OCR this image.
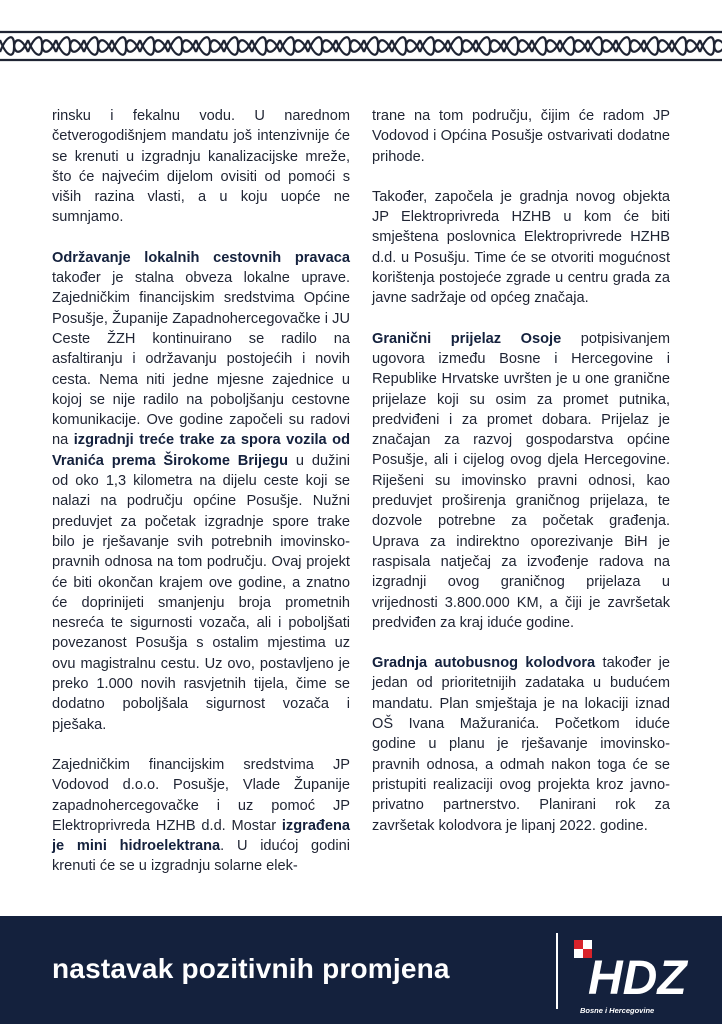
rinsku i fekalnu vodu. U narednom četverogodišnjem mandatu još intenzivnije će se krenuti u izgradnju kanalizacijske mreže, što će najvećim dijelom ovisiti od pomoći s viših razina vlasti, a u koju uopće ne sumnjamo.

Održavanje lokalnih cestovnih pravaca također je stalna obveza lokalne uprave. Zajedničkim financijskim sredstvima Općine Posušje, Županije Zapadnohercegovačke i JU Ceste ŽZH kontinuirano se radilo na asfaltiranju i održavanju postojećih i novih cesta. Nema niti jedne mjesne zajednice u kojoj se nije radilo na poboljšanju cestovne komunikacije. Ove godine započeli su radovi na izgradnji treće trake za spora vozila od Vranića prema Širokome Brijegu u dužini od oko 1,3 kilometra na dijelu ceste koji se nalazi na području općine Posušje. Nužni preduvjet za početak izgradnje spore trake bilo je rješavanje svih potrebnih imovinsko-pravnih odnosa na tom području. Ovaj projekt će biti okončan krajem ove godine, a znatno će doprinijeti smanjenju broja prometnih nesreća te sigurnosti vozača, ali i poboljšati povezanost Posušja s ostalim mjestima uz ovu magistralnu cestu. Uz ovo, postavljeno je preko 1.000 novih rasvjetnih tijela, čime se dodatno poboljšala sigurnost vozača i pješaka.

Zajedničkim financijskim sredstvima JP Vodovod d.o.o. Posušje, Vlade Županije zapadnohercegovačke i uz pomoć JP Elektroprivreda HZHB d.d. Mostar izgrađena je mini hidroelektrana. U idućoj godini krenuti će se u izgradnju solarne elek-

trane na tom području, čijim će radom JP Vodovod i Općina Posušje ostvarivati dodatne prihode.

Također, započela je gradnja novog objekta JP Elektroprivreda HZHB u kom će biti smještena poslovnica Elektroprivrede HZHB d.d. u Posušju. Time će se otvoriti mogućnost korištenja postojeće zgrade u centru grada za javne sadržaje od općeg značaja.

Granični prijelaz Osoje potpisivanjem ugovora između Bosne i Hercegovine i Republike Hrvatske uvršten je u one granične prijelaze koji su osim za promet putnika, predviđeni i za promet dobara. Prijelaz je značajan za razvoj gospodarstva općine Posušje, ali i cijelog ovog djela Hercegovine. Riješeni su imovinsko pravni odnosi, kao preduvjet proširenja graničnog prijelaza, te dozvole potrebne za početak građenja. Uprava za indirektno oporezivanje BiH je raspisala natječaj za izvođenje radova na izgradnji ovog graničnog prijelaza u vrijednosti 3.800.000 KM, a čiji je završetak predviđen za kraj iduće godine.

Gradnja autobusnog kolodvora također je jedan od prioritetnijih zadataka u budućem mandatu. Plan smještaja je na lokaciji iznad OŠ Ivana Mažuranića. Početkom iduće godine u planu je rješavanje imovinsko-pravnih odnosa, a odmah nakon toga će se pristupiti realizaciji ovog projekta kroz javno-privatno partnerstvo. Planirani rok za završetak kolodvora je lipanj 2022. godine.

nastavak pozitivnih promjena	HDZ
Bosne i Hercegovine
